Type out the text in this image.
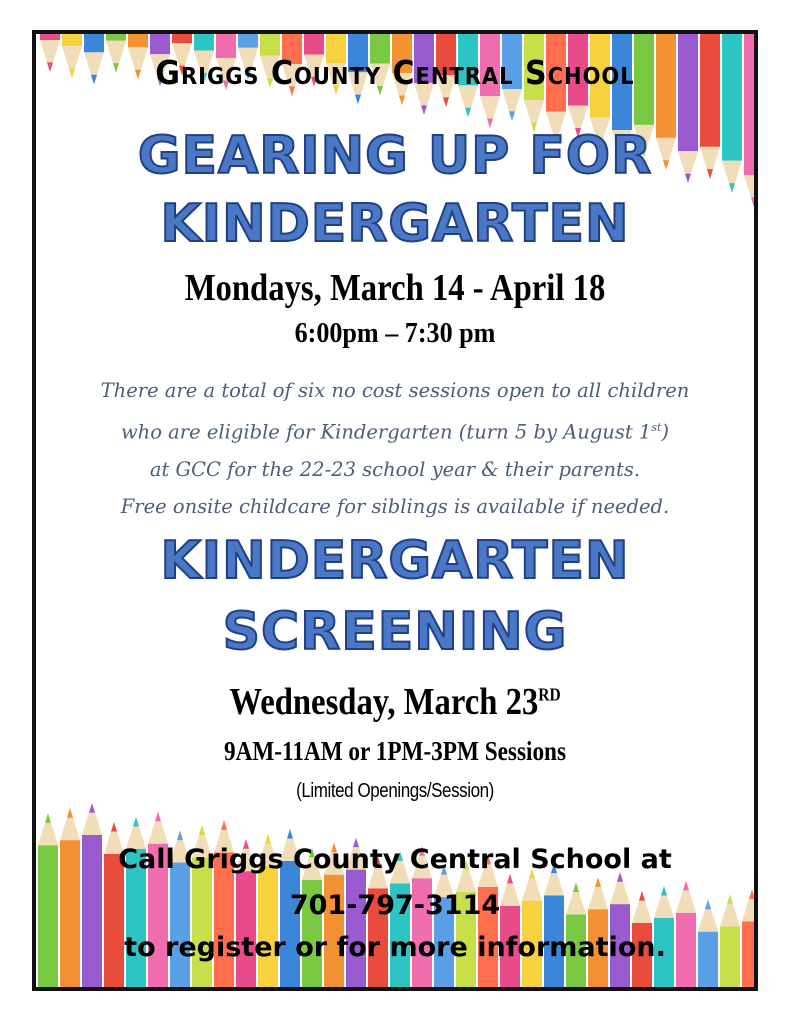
Griggs County Central School
GEARING UP FOR
KINDERGARTEN
Mondays, March 14 - April 18
6:00pm – 7:30 pm

There are a total of six no cost sessions open to all children

who are eligible for Kindergarten (turn 5 by August 1st)

at GCC for the 22-23 school year & their parents.

Free onsite childcare for siblings is available if needed.

KINDERGARTEN
SCREENING
Wednesday, March 23RD
9AM-11AM or 1PM-3PM Sessions
(Limited Openings/Session)
Call Griggs County Central School at
701-797-3114
to register or for more information.
